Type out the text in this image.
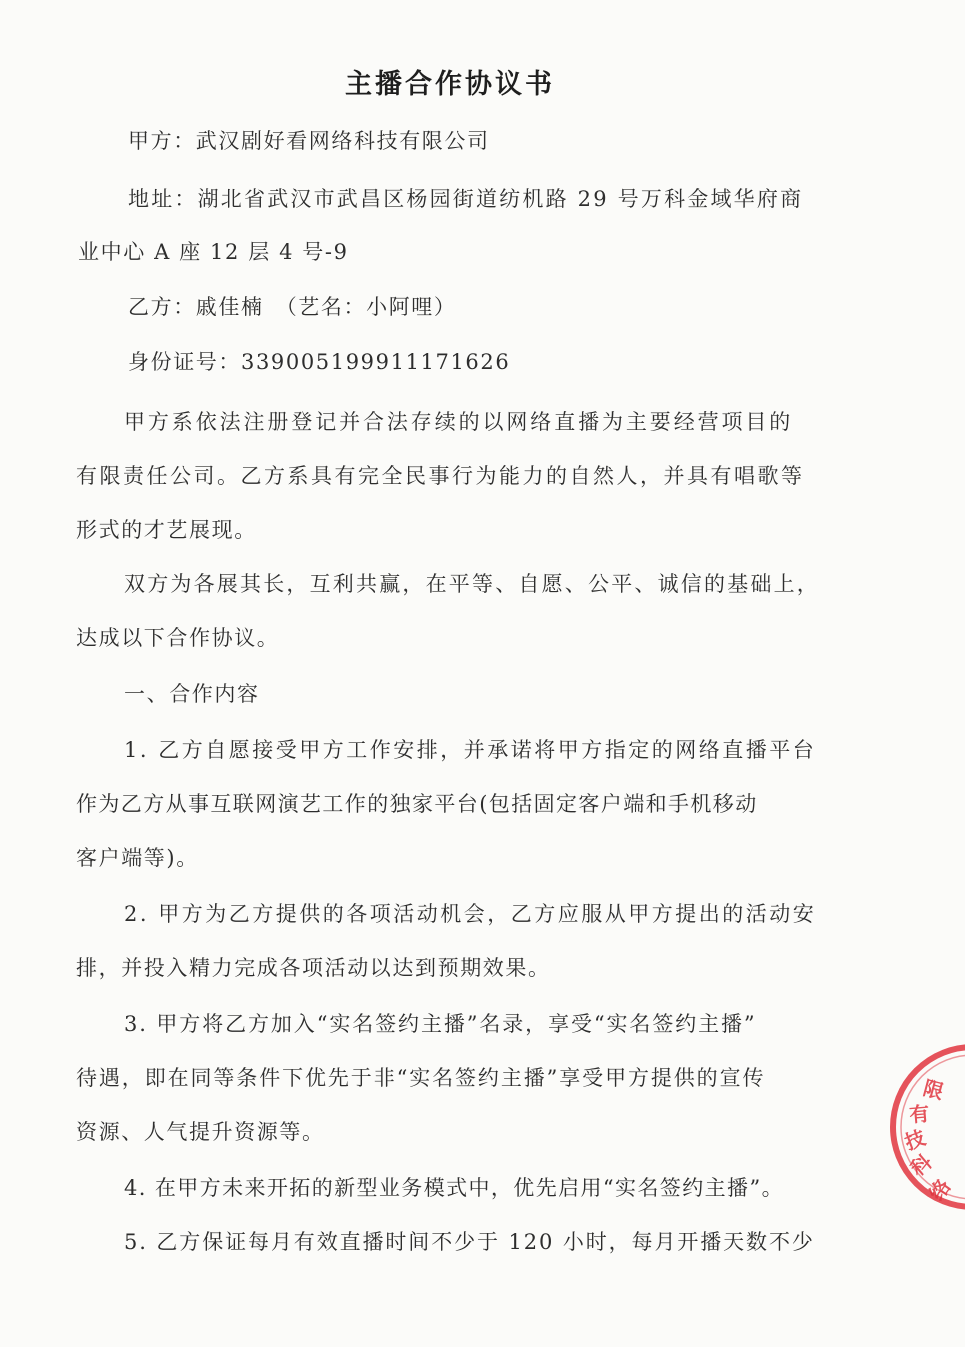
主播合作协议书
甲方：武汉剧好看网络科技有限公司
地址：湖北省武汉市武昌区杨园街道纺机路 29 号万科金域华府商
业中心 A 座 12 层 4 号-9
乙方：戚佳楠　（艺名：小阿哩）
身份证号：339005199911171626
甲方系依法注册登记并合法存续的以网络直播为主要经营项目的
有限责任公司。乙方系具有完全民事行为能力的自然人，并具有唱歌等
形式的才艺展现。
双方为各展其长，互利共赢，在平等、自愿、公平、诚信的基础上，
达成以下合作协议。
一、合作内容
1. 乙方自愿接受甲方工作安排，并承诺将甲方指定的网络直播平台
作为乙方从事互联网演艺工作的独家平台(包括固定客户端和手机移动
客户端等)。
2. 甲方为乙方提供的各项活动机会，乙方应服从甲方提出的活动安
排，并投入精力完成各项活动以达到预期效果。
3. 甲方将乙方加入“实名签约主播”名录，享受“实名签约主播”
待遇，即在同等条件下优先于非“实名签约主播”享受甲方提供的宣传
资源、人气提升资源等。
4. 在甲方未来开拓的新型业务模式中，优先启用“实名签约主播”。
5. 乙方保证每月有效直播时间不少于 120 小时，每月开播天数不少
络
科
技
有
限
